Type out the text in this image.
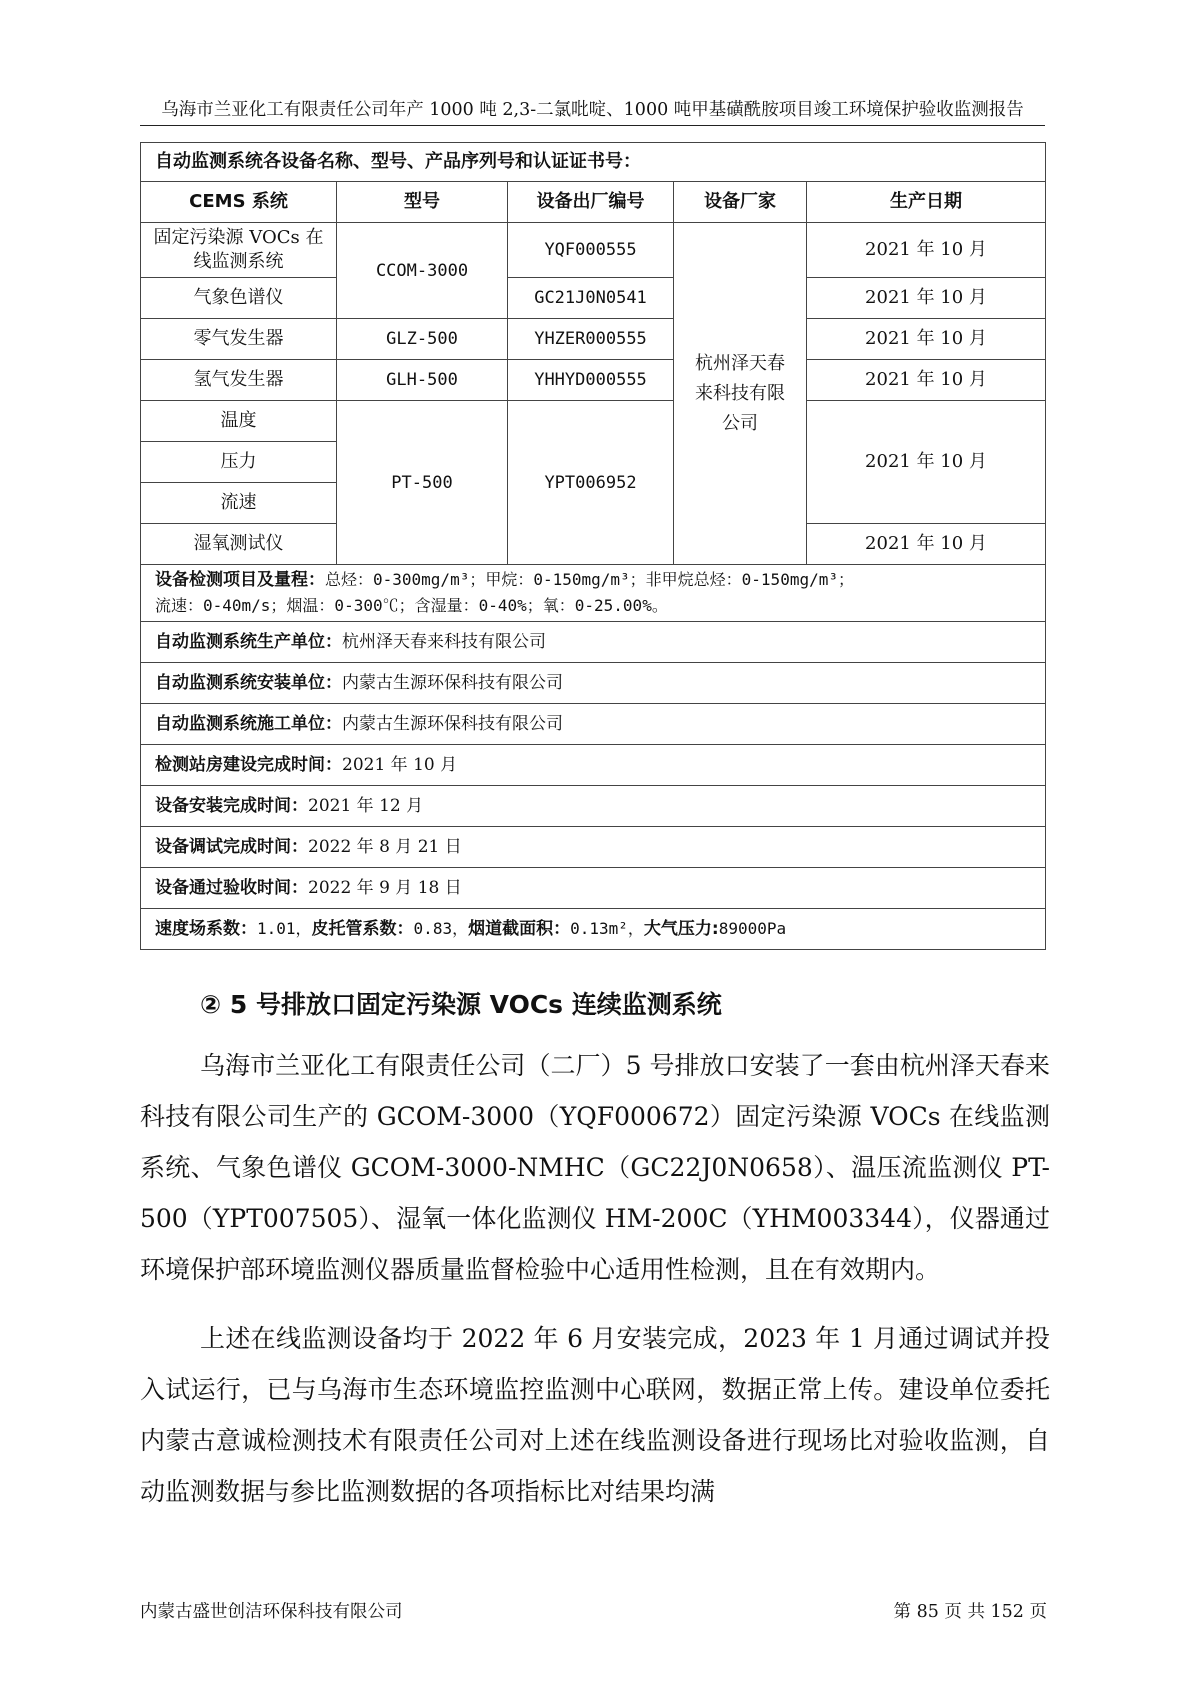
乌海市兰亚化工有限责任公司年产 1000 吨 2,3-二氯吡啶、1000 吨甲基磺酰胺项目竣工环境保护验收监测报告
自动监测系统各设备名称、型号、产品序列号和认证证书号：				
CEMS 系统	型号	设备出厂编号	设备厂家	生产日期
固定污染源 VOCs 在线监测系统	CCOM-3000	YQF000555	杭州泽天春来科技有限公司	2021 年 10 月
气象色谱仪		GC21J0N0541		2021 年 10 月
零气发生器	GLZ-500	YHZER000555		2021 年 10 月
氢气发生器	GLH-500	YHHYD000555		2021 年 10 月
温度	PT-500	YPT006952		2021 年 10 月
压力				
流速				
湿氧测试仪				2021 年 10 月
设备检测项目及量程：总烃：0-300mg/m³；甲烷：0-150mg/m³；非甲烷总烃：0-150mg/m³；
流速：0-40m/s；烟温：0-300℃；含湿量：0-40%；氧：0-25.00%。				
自动监测系统生产单位：杭州泽天春来科技有限公司				
自动监测系统安装单位：内蒙古生源环保科技有限公司				
自动监测系统施工单位：内蒙古生源环保科技有限公司				
检测站房建设完成时间：2021 年 10 月				
设备安装完成时间：2021 年 12 月				
设备调试完成时间：2022 年 8 月 21 日				
设备通过验收时间：2022 年 9 月 18 日				
速度场系数：1.01，皮托管系数：0.83，烟道截面积：0.13m²，大气压力:89000Pa				
② 5 号排放口固定污染源 VOCs 连续监测系统

乌海市兰亚化工有限责任公司（二厂）5 号排放口安装了一套由杭州泽天春来科技有限公司生产的 GCOM-3000（YQF000672）固定污染源 VOCs 在线监测系统、气象色谱仪 GCOM-3000-NMHC（GC22J0N0658）、温压流监测仪 PT-500（YPT007505）、湿氧一体化监测仪 HM-200C（YHM003344），仪器通过环境保护部环境监测仪器质量监督检验中心适用性检测，且在有效期内。

上述在线监测设备均于 2022 年 6 月安装完成，2023 年 1 月通过调试并投入试运行，已与乌海市生态环境监控监测中心联网，数据正常上传。建设单位委托内蒙古意诚检测技术有限责任公司对上述在线监测设备进行现场比对验收监测，自动监测数据与参比监测数据的各项指标比对结果均满

内蒙古盛世创洁环保科技有限公司	第 85 页 共 152 页
